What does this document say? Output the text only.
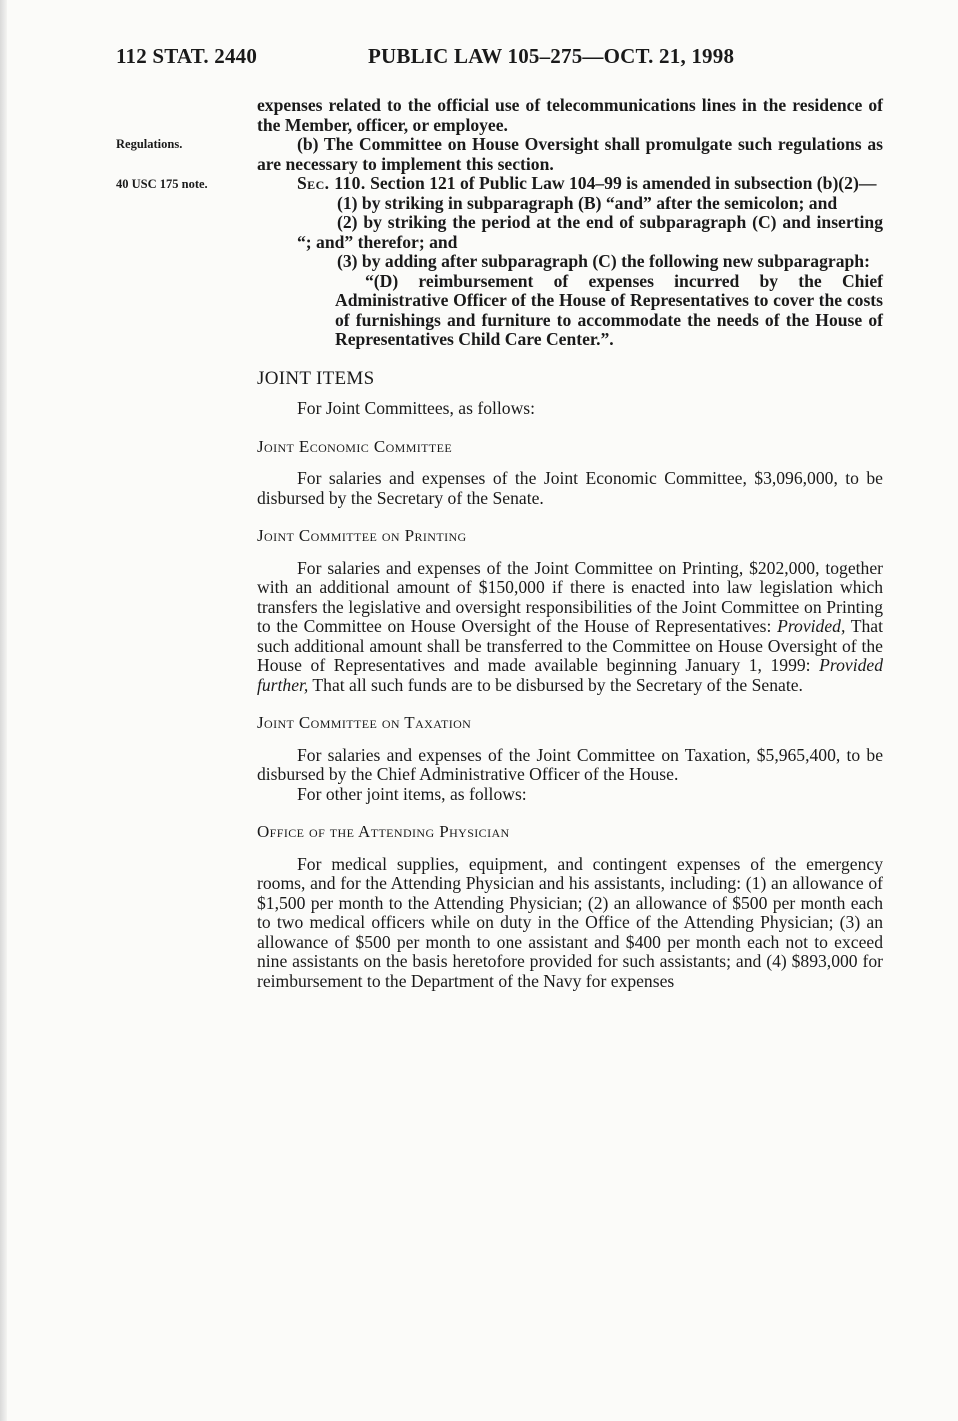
112 STAT. 2440	PUBLIC LAW 105–275—OCT. 21, 1998
Regulations.
40 USC 175 note.

expenses related to the official use of telecommunications lines in the residence of the Member, officer, or employee.

(b) The Committee on House Oversight shall promulgate such regulations as are necessary to implement this section.

Sec. 110. Section 121 of Public Law 104–99 is amended in subsection (b)(2)—

(1) by striking in subparagraph (B) “and” after the semicolon; and

(2) by striking the period at the end of subparagraph (C) and inserting “; and” therefor; and

(3) by adding after subparagraph (C) the following new subparagraph:

“(D) reimbursement of expenses incurred by the Chief Administrative Officer of the House of Representatives to cover the costs of furnishings and furniture to accommodate the needs of the House of Representatives Child Care Center.”.

JOINT ITEMS

For Joint Committees, as follows:

Joint Economic Committee

For salaries and expenses of the Joint Economic Committee, $3,096,000, to be disbursed by the Secretary of the Senate.

Joint Committee on Printing

For salaries and expenses of the Joint Committee on Printing, $202,000, together with an additional amount of $150,000 if there is enacted into law legislation which transfers the legislative and oversight responsibilities of the Joint Committee on Printing to the Committee on House Oversight of the House of Representatives: Provided, That such additional amount shall be transferred to the Committee on House Oversight of the House of Representatives and made available beginning January 1, 1999: Provided further, That all such funds are to be disbursed by the Secretary of the Senate.

Joint Committee on Taxation

For salaries and expenses of the Joint Committee on Taxation, $5,965,400, to be disbursed by the Chief Administrative Officer of the House.

For other joint items, as follows:

Office of the Attending Physician

For medical supplies, equipment, and contingent expenses of the emergency rooms, and for the Attending Physician and his assistants, including: (1) an allowance of $1,500 per month to the Attending Physician; (2) an allowance of $500 per month each to two medical officers while on duty in the Office of the Attending Physician; (3) an allowance of $500 per month to one assistant and $400 per month each not to exceed nine assistants on the basis heretofore provided for such assistants; and (4) $893,000 for reimbursement to the Department of the Navy for expenses
